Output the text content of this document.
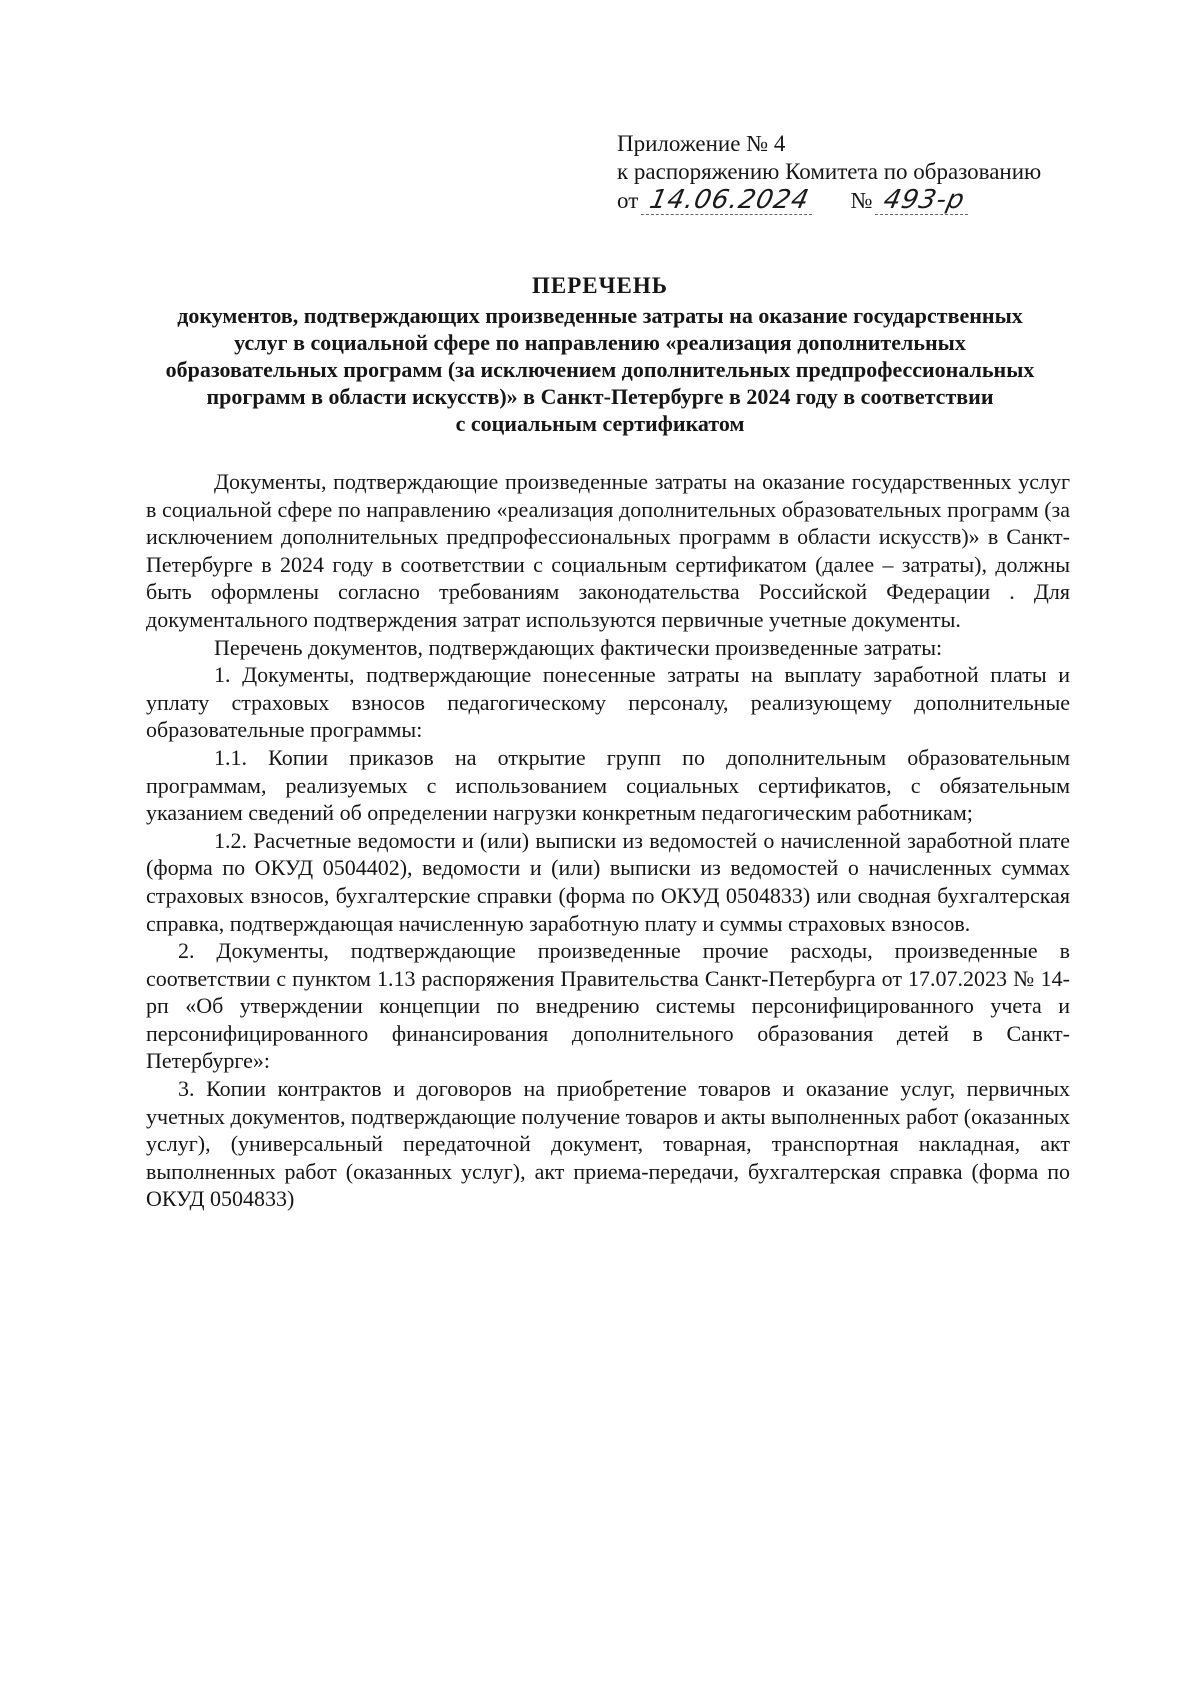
Приложение № 4
к распоряжению Комитета по образованию
от 14.06.2024 № 493-р
ПЕРЕЧЕНЬ
документов, подтверждающих произведенные затраты на оказание государственных
услуг в социальной сфере по направлению «реализация дополнительных
образовательных программ (за исключением дополнительных предпрофессиональных
программ в области искусств)» в Санкт-Петербурге в 2024 году в соответствии
с социальным сертификатом

Документы, подтверждающие произведенные затраты на оказание государственных услуг в социальной сфере по направлению «реализация дополнительных образовательных программ (за исключением дополнительных предпрофессиональных программ в области искусств)» в Санкт-Петербурге в 2024 году в соответствии с социальным сертификатом (далее – затраты), должны быть оформлены согласно требованиям законодательства Российской Федерации . Для документального подтверждения затрат используются первичные учетные документы.

Перечень документов, подтверждающих фактически произведенные затраты:

1. Документы, подтверждающие понесенные затраты на выплату заработной платы и уплату страховых взносов педагогическому персоналу, реализующему дополнительные образовательные программы:

1.1. Копии приказов на открытие групп по дополнительным образовательным программам, реализуемых с использованием социальных сертификатов, с обязательным указанием сведений об определении нагрузки конкретным педагогическим работникам;

1.2. Расчетные ведомости и (или) выписки из ведомостей о начисленной заработной плате (форма по ОКУД 0504402), ведомости и (или) выписки из ведомостей о начисленных суммах страховых взносов, бухгалтерские справки (форма по ОКУД 0504833) или сводная бухгалтерская справка, подтверждающая начисленную заработную плату и суммы страховых взносов.

2. Документы, подтверждающие произведенные прочие расходы, произведенные в соответствии с пунктом 1.13 распоряжения Правительства Санкт-Петербурга от 17.07.2023 № 14-рп «Об утверждении концепции по внедрению системы персонифицированного учета и персонифицированного финансирования дополнительного образования детей в Санкт-Петербурге»:

3. Копии контрактов и договоров на приобретение товаров и оказание услуг, первичных учетных документов, подтверждающие получение товаров и акты выполненных работ (оказанных услуг), (универсальный передаточной документ, товарная, транспортная накладная, акт выполненных работ (оказанных услуг), акт приема-передачи, бухгалтерская справка (форма по ОКУД 0504833)
